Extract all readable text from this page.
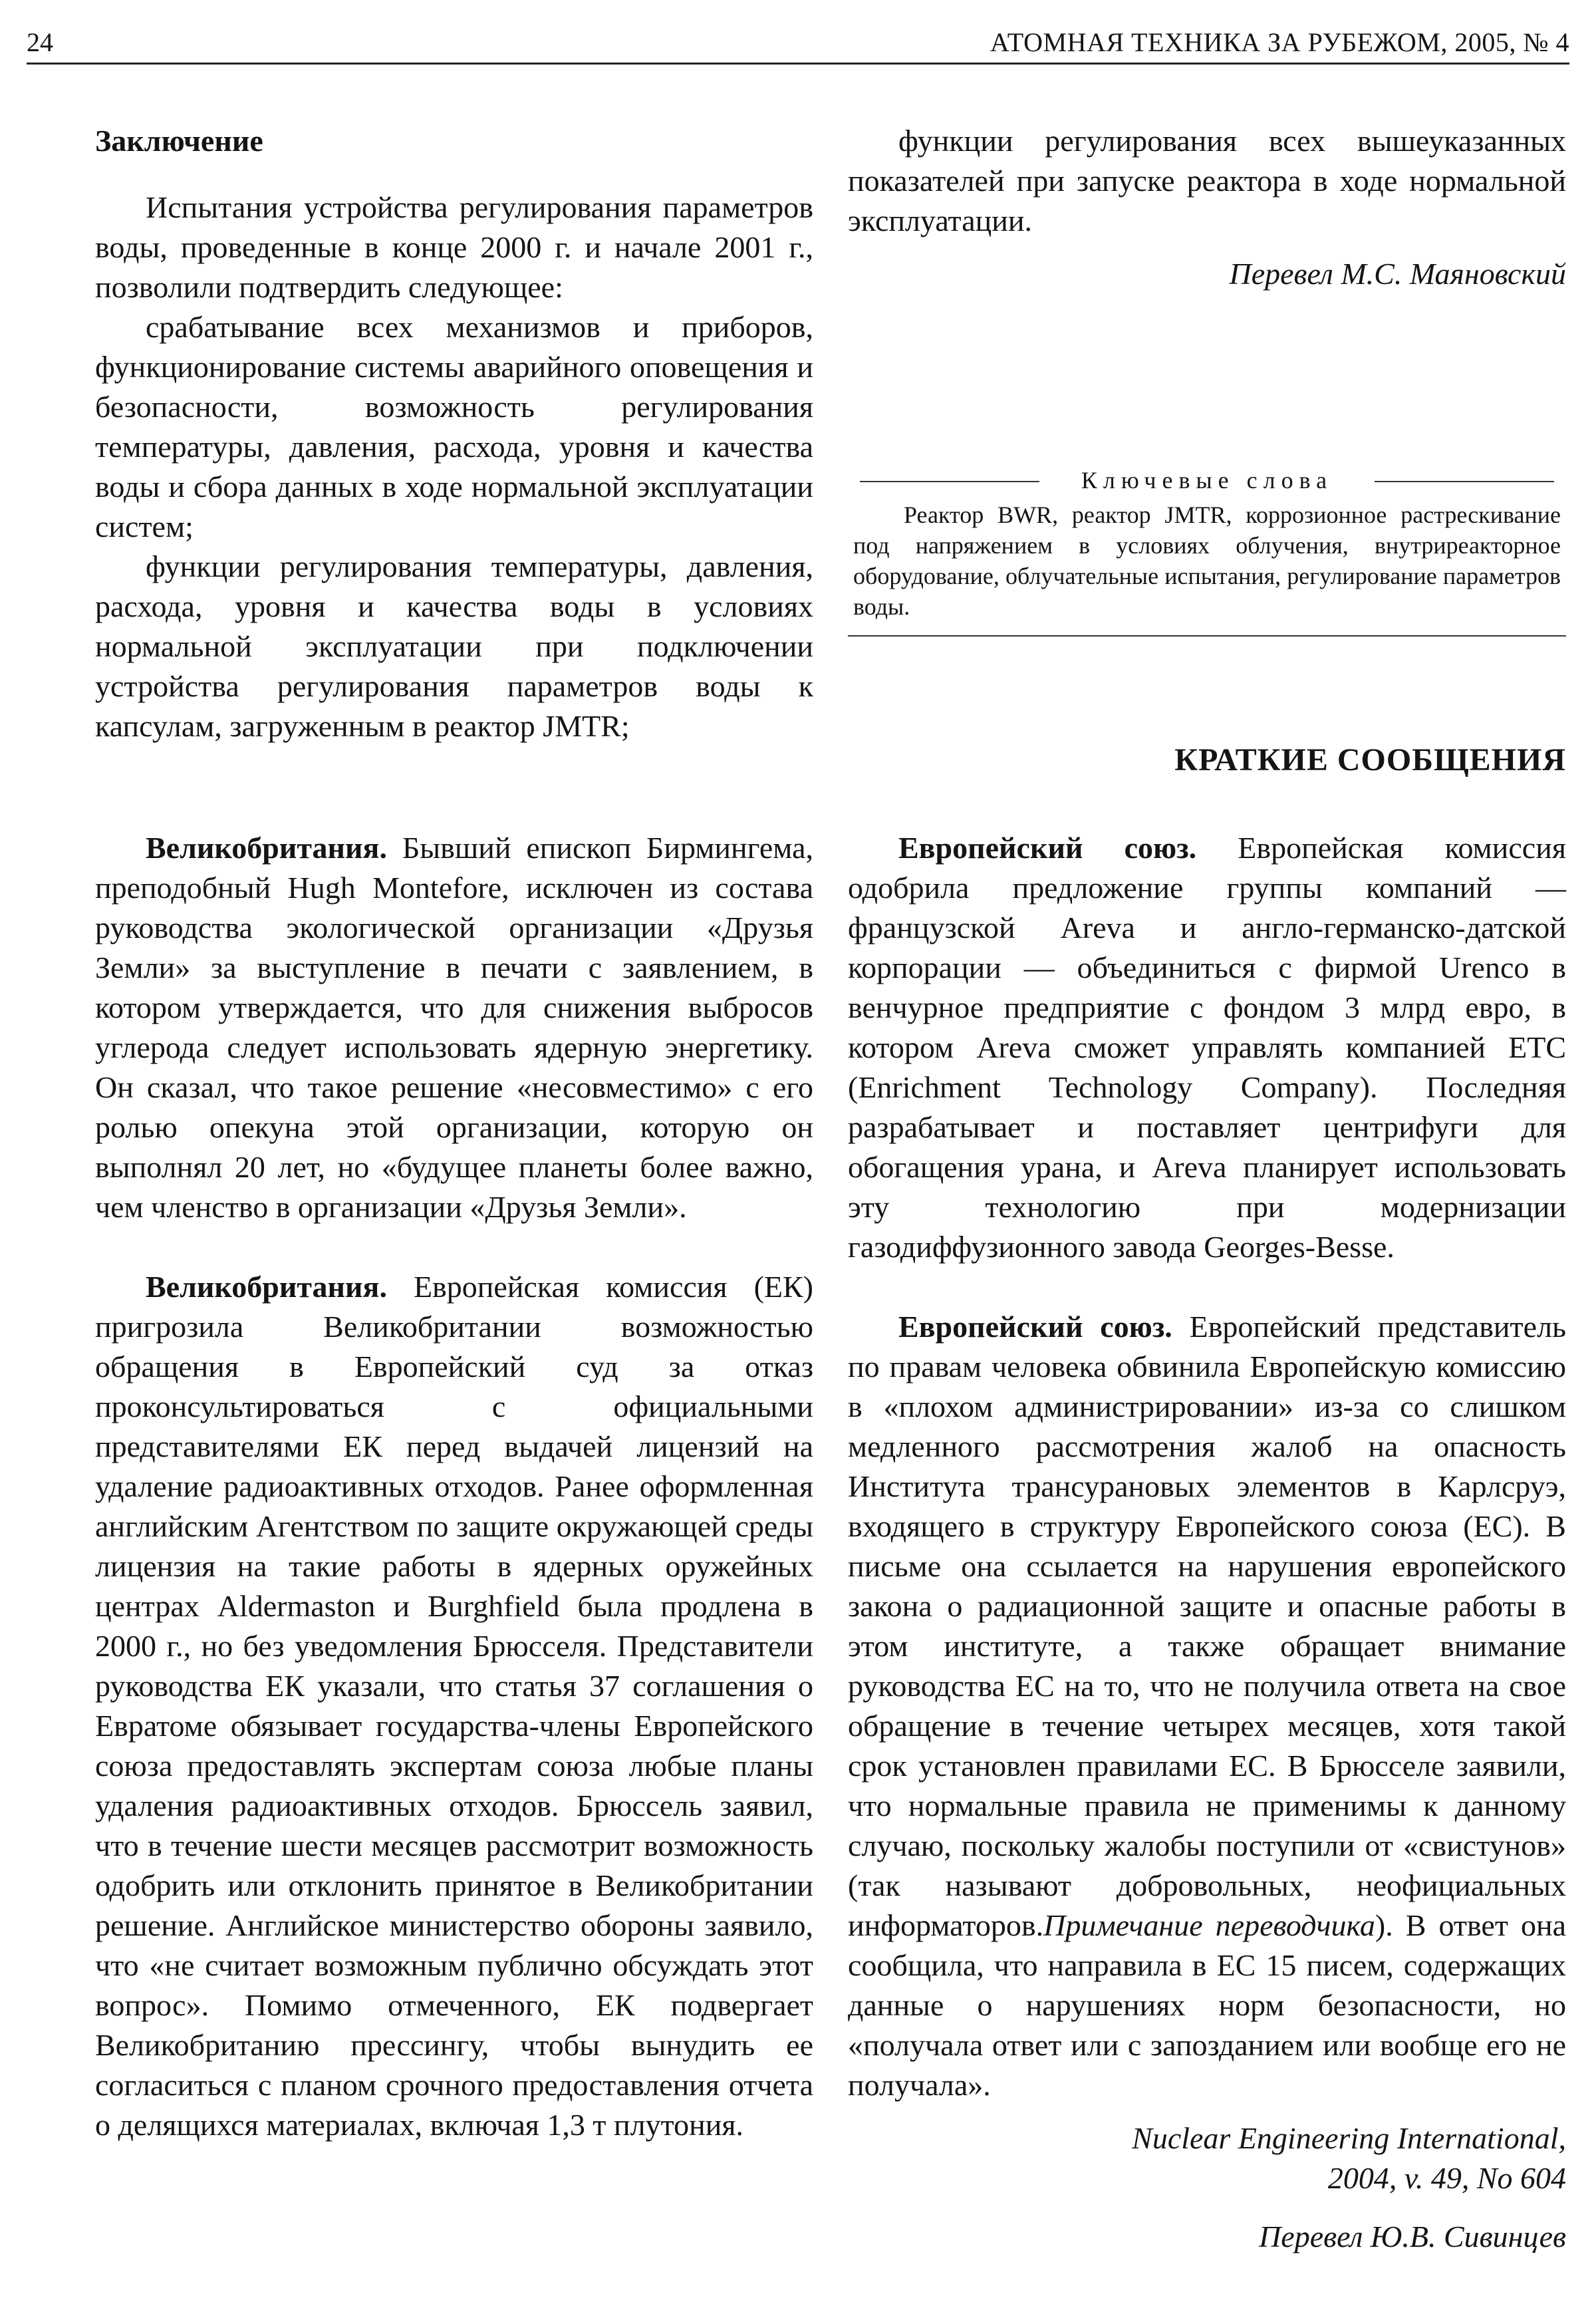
24	АТОМНАЯ ТЕХНИКА ЗА РУБЕЖОМ, 2005, № 4

Заключение

Испытания устройства регулирования параметров воды, проведенные в конце 2000 г. и начале 2001 г., позволили подтвердить следующее:

срабатывание всех механизмов и приборов, функционирование системы аварийного оповещения и безопасности, возможность регулирования температуры, давления, расхода, уровня и качества воды и сбора данных в ходе нормальной эксплуатации систем;

функции регулирования температуры, давления, расхода, уровня и качества воды в условиях нормальной эксплуатации при подключении устройства регулирования параметров воды к капсулам, загруженным в реактор JMTR;

функции регулирования всех вышеуказанных показателей при запуске реактора в ходе нормальной эксплуатации.

Перевел М.С. Маяновский

Ключевые слова
Реактор BWR, реактор JMTR, коррозионное растрескивание под напряжением в условиях облучения, внутриреакторное оборудование, облучательные испытания, регулирование параметров воды.
КРАТКИЕ СООБЩЕНИЯ

Великобритания. Бывший епископ Бирмингема, преподобный Hugh Montefore, исключен из состава руководства экологической организации «Друзья Земли» за выступление в печати с заявлением, в котором утверждается, что для снижения выбросов углерода следует использовать ядерную энергетику. Он сказал, что такое решение «несовместимо» с его ролью опекуна этой организации, которую он выполнял 20 лет, но «будущее планеты более важно, чем членство в организации «Друзья Земли».

Великобритания. Европейская комиссия (ЕК) пригрозила Великобритании возможностью обращения в Европейский суд за отказ проконсультироваться с официальными представителями ЕК перед выдачей лицензий на удаление радиоактивных отходов. Ранее оформленная английским Агентством по защите окружающей среды лицензия на такие работы в ядерных оружейных центрах Aldermaston и Burghfield была продлена в 2000 г., но без уведомления Брюсселя. Представители руководства ЕК указали, что статья 37 соглашения о Евратоме обязывает государства-члены Европейского союза предоставлять экспертам союза любые планы удаления радиоактивных отходов. Брюссель заявил, что в течение шести месяцев рассмотрит возможность одобрить или отклонить принятое в Великобритании решение. Английское министерство обороны заявило, что «не считает возможным публично обсуждать этот вопрос». Помимо отмеченного, ЕК подвергает Великобританию прессингу, чтобы вынудить ее согласиться с планом срочного предоставления отчета о делящихся материалах, включая 1,3 т плутония.

Европейский союз. Европейская комиссия одобрила предложение группы компаний — французской Areva и англо-германско-датской корпорации — объединиться с фирмой Urenco в венчурное предприятие с фондом 3 млрд евро, в котором Areva сможет управлять компанией ETC (Enrichment Technology Company). Последняя разрабатывает и поставляет центрифуги для обогащения урана, и Areva планирует использовать эту технологию при модернизации газодиффузионного завода Georges-Besse.

Европейский союз. Европейский представитель по правам человека обвинила Европейскую комиссию в «плохом администрировании» из-за со слишком медленного рассмотрения жалоб на опасность Института трансурановых элементов в Карлсруэ, входящего в структуру Европейского союза (ЕС). В письме она ссылается на нарушения европейского закона о радиационной защите и опасные работы в этом институте, а также обращает внимание руководства ЕС на то, что не получила ответа на свое обращение в течение четырех месяцев, хотя такой срок установлен правилами ЕС. В Брюсселе заявили, что нормальные правила не применимы к данному случаю, поскольку жалобы поступили от «свистунов» (так называют добровольных, неофициальных информаторов.Примечание переводчика). В ответ она сообщила, что направила в ЕС 15 писем, содержащих данные о нарушениях норм безопасности, но «получала ответ или с запозданием или вообще его не получала».

Nuclear Engineering International,

2004, v. 49, No 604

Перевел Ю.В. Сивинцев
